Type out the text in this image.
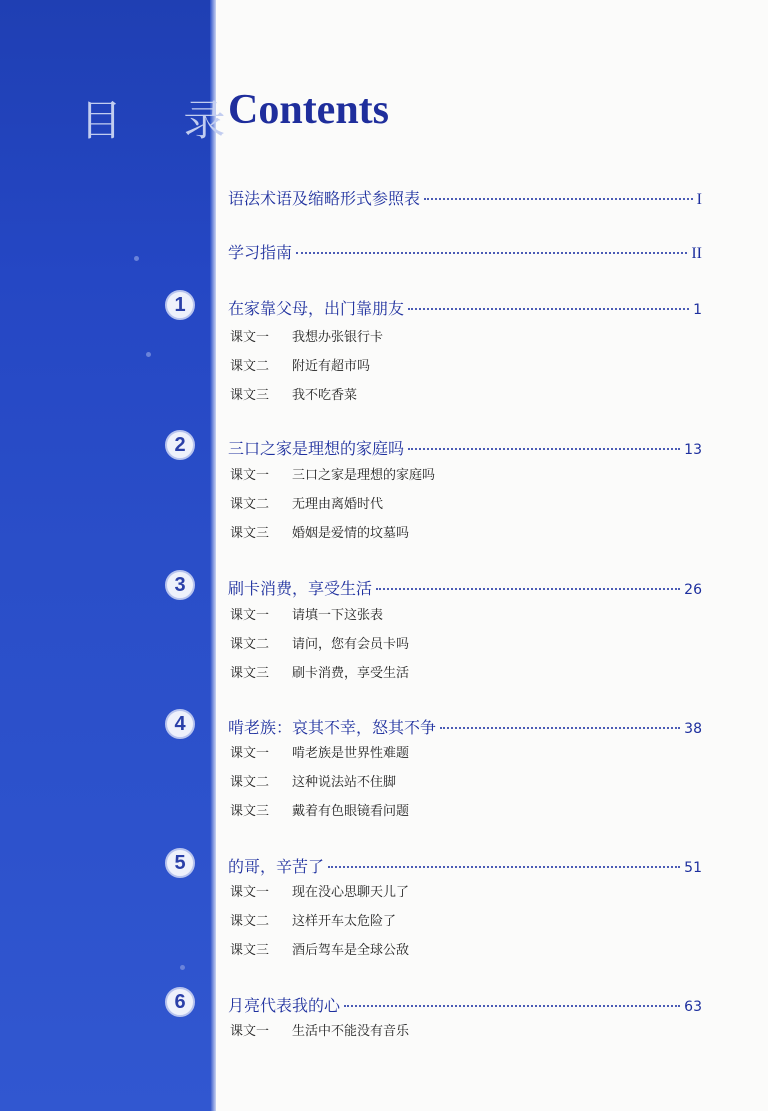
目 录
Contents
语法术语及缩略形式参照表	I
学习指南	II
1	在家靠父母，出门靠朋友	1
课文一 我想办张银行卡
课文二 附近有超市吗
课文三 我不吃香菜
2	三口之家是理想的家庭吗	13
课文一 三口之家是理想的家庭吗
课文二 无理由离婚时代
课文三 婚姻是爱情的坟墓吗
3	刷卡消费，享受生活	26
课文一 请填一下这张表
课文二 请问，您有会员卡吗
课文三 刷卡消费，享受生活
4	啃老族：哀其不幸，怒其不争	38
课文一 啃老族是世界性难题
课文二 这种说法站不住脚
课文三 戴着有色眼镜看问题
5	的哥，辛苦了	51
课文一 现在没心思聊天儿了
课文二 这样开车太危险了
课文三 酒后驾车是全球公敌
6	月亮代表我的心	63
课文一 生活中不能没有音乐
